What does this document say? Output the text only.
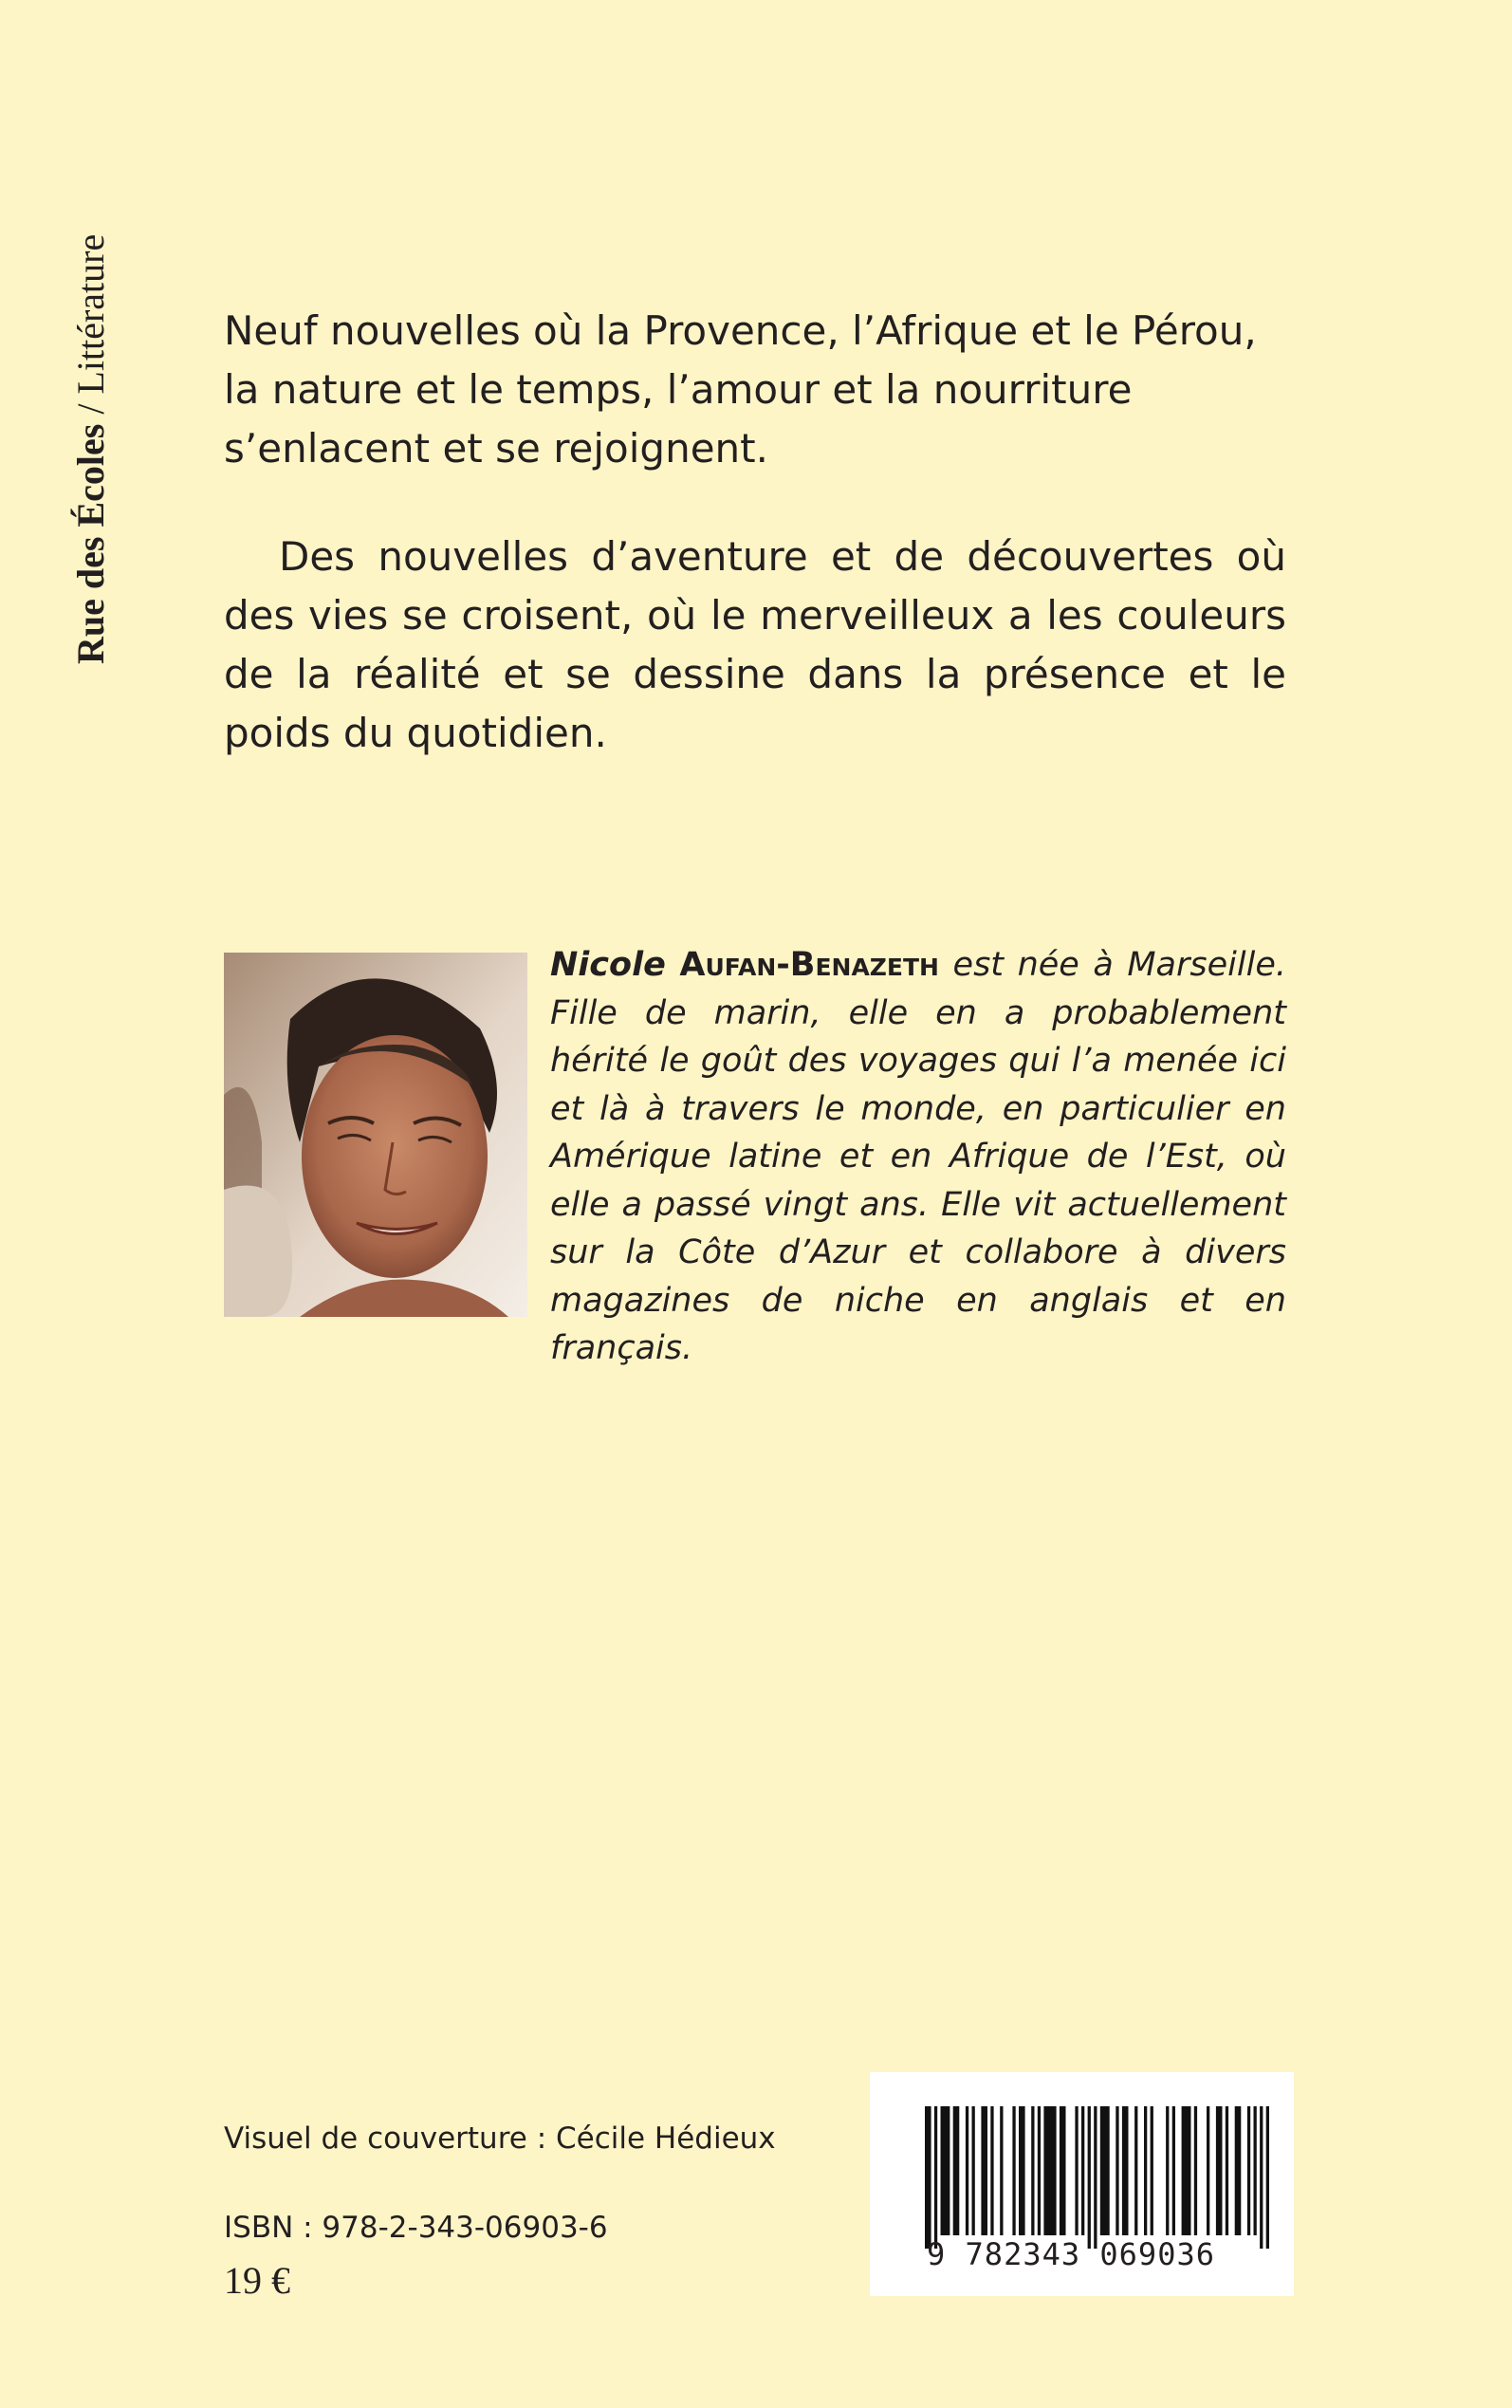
Rue des Écoles / Littérature	Neuf nouvelles où la Provence, l’Afrique et le Pérou, la nature et le temps, l’amour et la nourriture s’enlacent et se rejoignent.

Des nouvelles d’aventure et de découvertes où des vies se croisent, où le merveilleux a les couleurs de la réalité et se dessine dans la présence et le poids du quotidien.

Nicole Aufan-Benazeth est née à Marseille. Fille de marin, elle en a probablement hérité le goût des voyages qui l’a menée ici et là à travers le monde, en particulier en Amérique latine et en Afrique de l’Est, où elle a passé vingt ans. Elle vit actuellement sur la Côte d’Azur et collabore à divers magazines de niche en anglais et en français.

Visuel de couverture : Cécile Hédieux
ISBN : 978-2-343-06903-6
19 €
9 782343 069036
